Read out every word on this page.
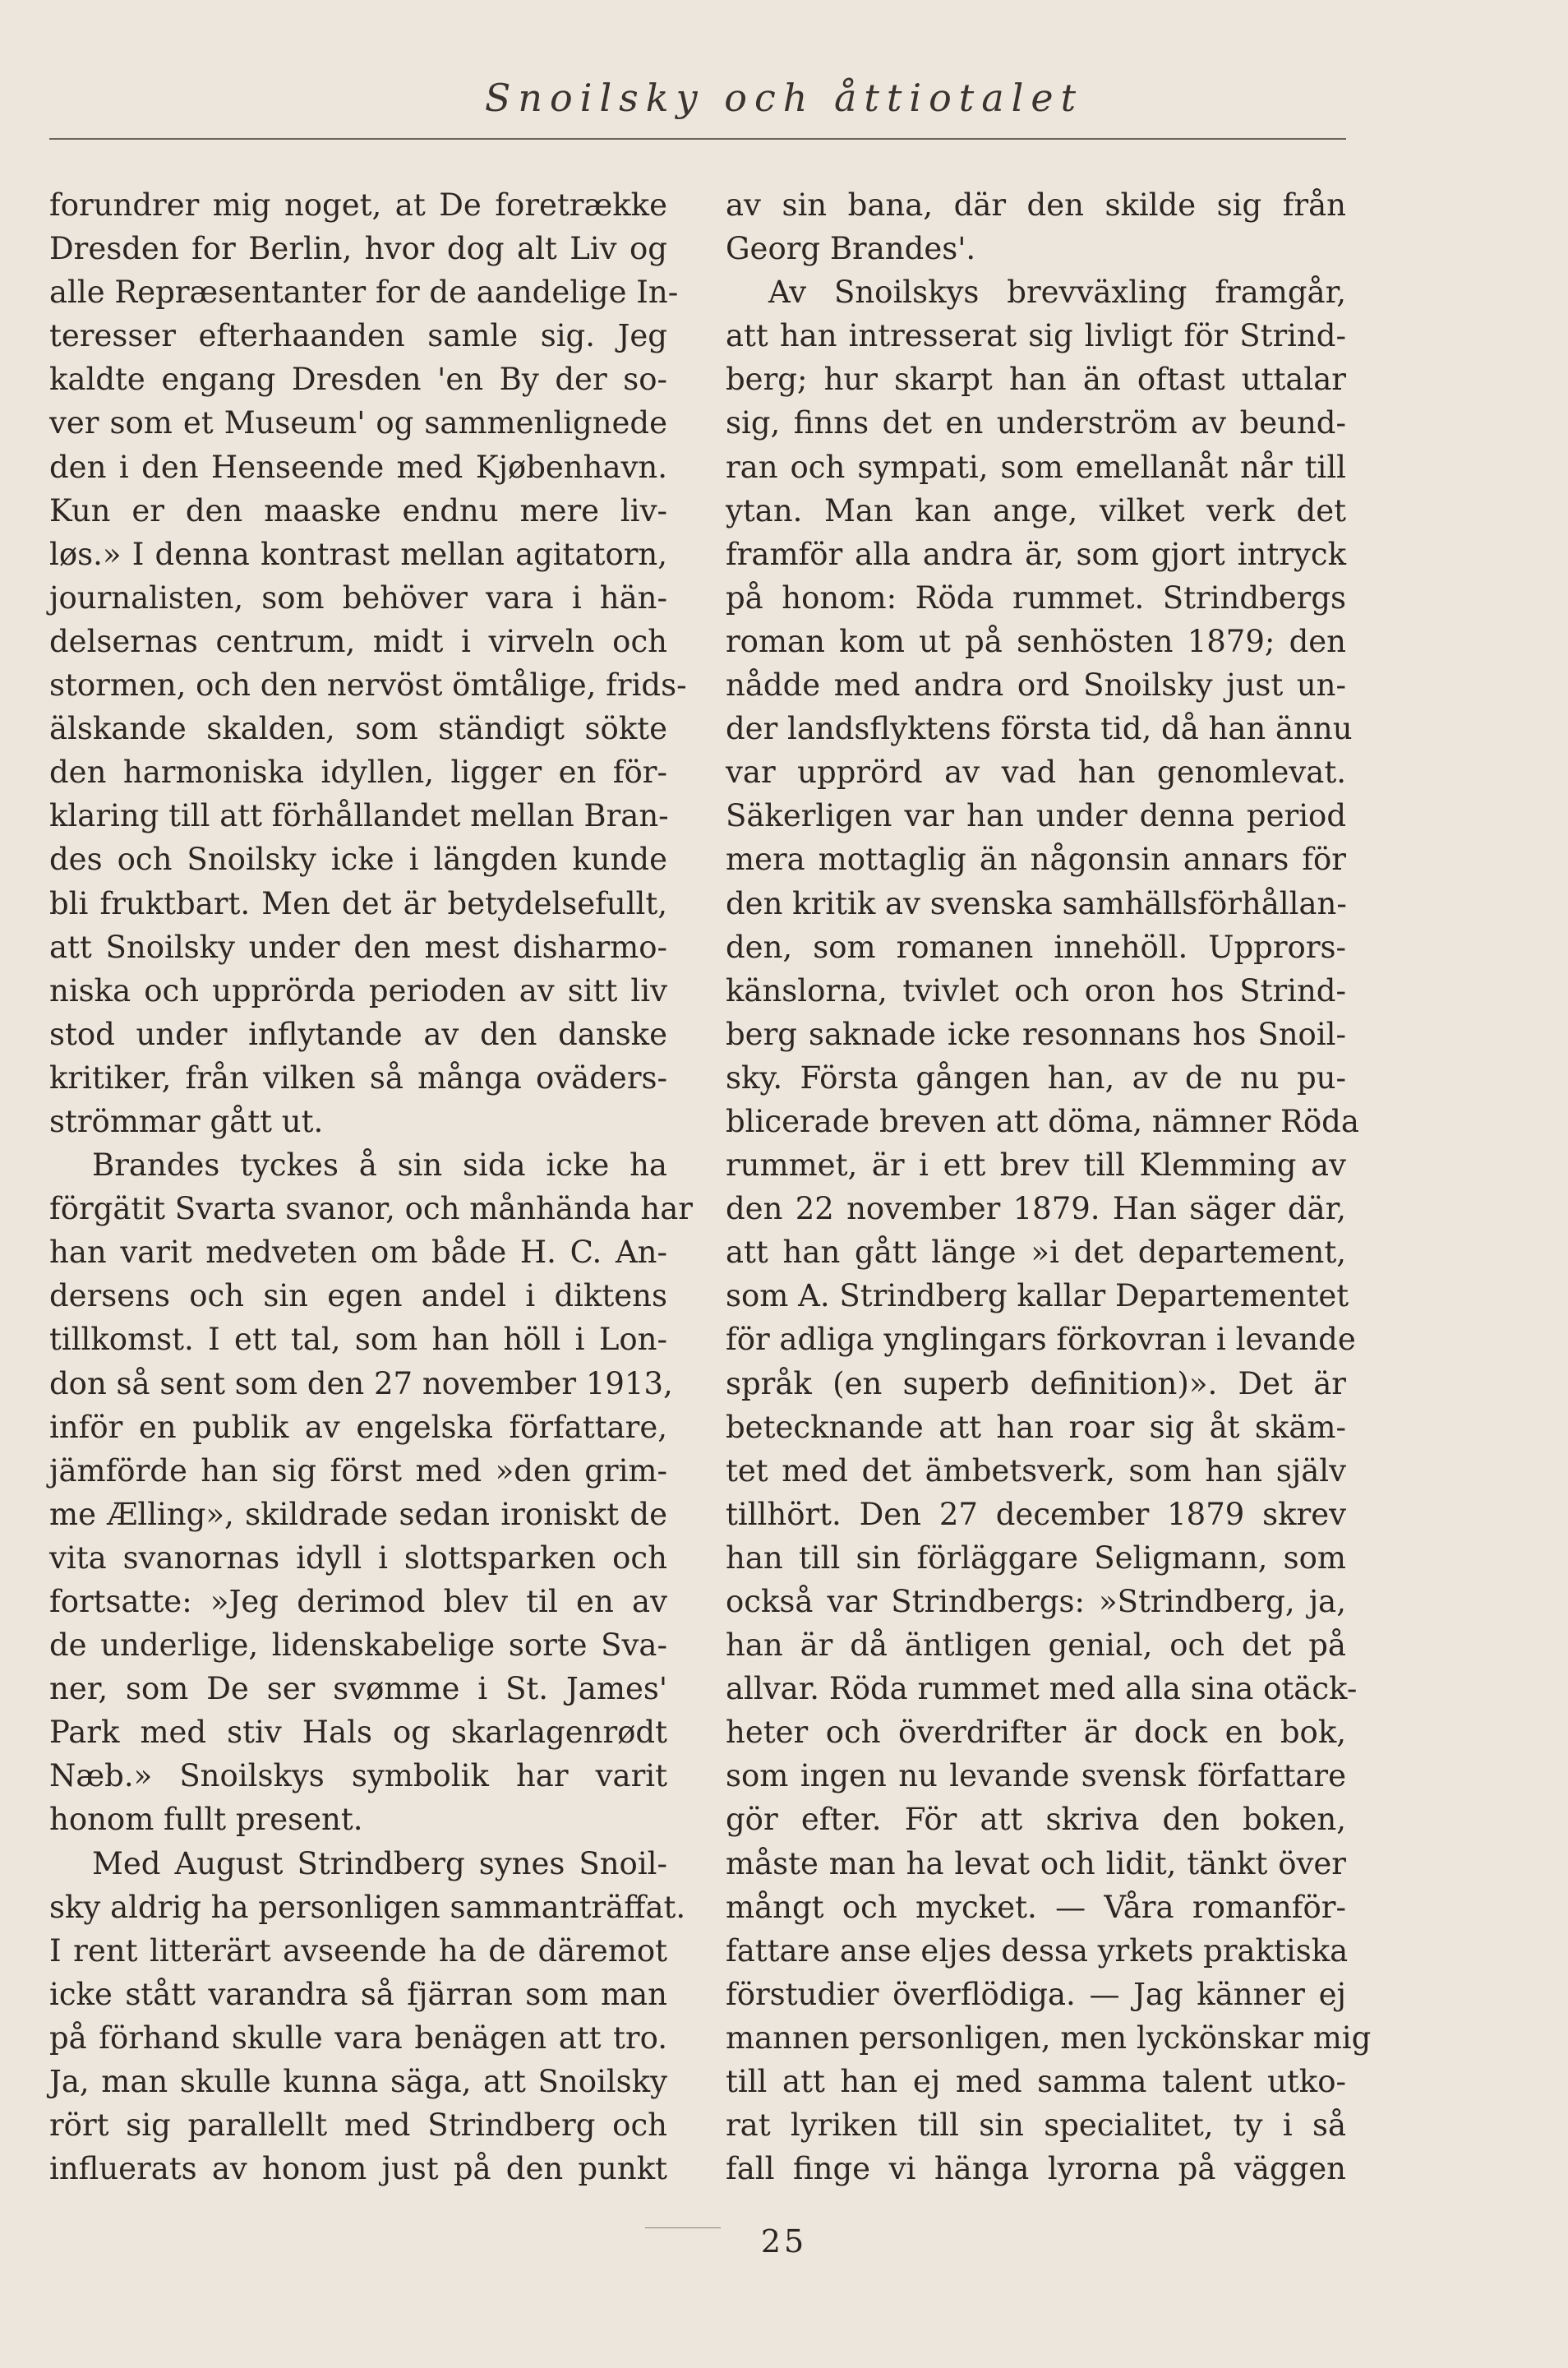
Snoilsky och åttiotalet
forundrer mig noget, at De foretrække
Dresden for Berlin, hvor dog alt Liv og
alle Repræsentanter for de aandelige In-
teresser efterhaanden samle sig. Jeg
kaldte engang Dresden 'en By der so-
ver som et Museum' og sammenlignede
den i den Henseende med Kjøbenhavn.
Kun er den maaske endnu mere liv-
løs.» I denna kontrast mellan agitatorn,
journalisten, som behöver vara i hän-
delsernas centrum, midt i virveln och
stormen, och den nervöst ömtålige, frids-
älskande skalden, som ständigt sökte
den harmoniska idyllen, ligger en för-
klaring till att förhållandet mellan Bran-
des och Snoilsky icke i längden kunde
bli fruktbart. Men det är betydelsefullt,
att Snoilsky under den mest disharmo-
niska och upprörda perioden av sitt liv
stod under inflytande av den danske
kritiker, från vilken så många oväders-
strömmar gått ut.
Brandes tyckes å sin sida icke ha
förgätit Svarta svanor, och månhända har
han varit medveten om både H. C. An-
dersens och sin egen andel i diktens
tillkomst. I ett tal, som han höll i Lon-
don så sent som den 27 november 1913,
inför en publik av engelska författare,
jämförde han sig först med »den grim-
me Ælling», skildrade sedan ironiskt de
vita svanornas idyll i slottsparken och
fortsatte: »Jeg derimod blev til en av
de underlige, lidenskabelige sorte Sva-
ner, som De ser svømme i St. James'
Park med stiv Hals og skarlagenrødt
Næb.» Snoilskys symbolik har varit
honom fullt present.
Med August Strindberg synes Snoil-
sky aldrig ha personligen sammanträffat.
I rent litterärt avseende ha de däremot
icke stått varandra så fjärran som man
på förhand skulle vara benägen att tro.
Ja, man skulle kunna säga, att Snoilsky
rört sig parallellt med Strindberg och
influerats av honom just på den punkt
av sin bana, där den skilde sig från
Georg Brandes'.
Av Snoilskys brevväxling framgår,
att han intresserat sig livligt för Strind-
berg; hur skarpt han än oftast uttalar
sig, finns det en underström av beund-
ran och sympati, som emellanåt når till
ytan. Man kan ange, vilket verk det
framför alla andra är, som gjort intryck
på honom: Röda rummet. Strindbergs
roman kom ut på senhösten 1879; den
nådde med andra ord Snoilsky just un-
der landsflyktens första tid, då han ännu
var upprörd av vad han genomlevat.
Säkerligen var han under denna period
mera mottaglig än någonsin annars för
den kritik av svenska samhällsförhållan-
den, som romanen innehöll. Upprors-
känslorna, tvivlet och oron hos Strind-
berg saknade icke resonnans hos Snoil-
sky. Första gången han, av de nu pu-
blicerade breven att döma, nämner Röda
rummet, är i ett brev till Klemming av
den 22 november 1879. Han säger där,
att han gått länge »i det departement,
som A. Strindberg kallar Departementet
för adliga ynglingars förkovran i levande
språk (en superb definition)». Det är
betecknande att han roar sig åt skäm-
tet med det ämbetsverk, som han själv
tillhört. Den 27 december 1879 skrev
han till sin förläggare Seligmann, som
också var Strindbergs: »Strindberg, ja,
han är då äntligen genial, och det på
allvar. Röda rummet med alla sina otäck-
heter och överdrifter är dock en bok,
som ingen nu levande svensk författare
gör efter. För att skriva den boken,
måste man ha levat och lidit, tänkt över
mångt och mycket. — Våra romanför-
fattare anse eljes dessa yrkets praktiska
förstudier överflödiga. — Jag känner ej
mannen personligen, men lyckönskar mig
till att han ej med samma talent utko-
rat lyriken till sin specialitet, ty i så
fall finge vi hänga lyrorna på väggen
25
